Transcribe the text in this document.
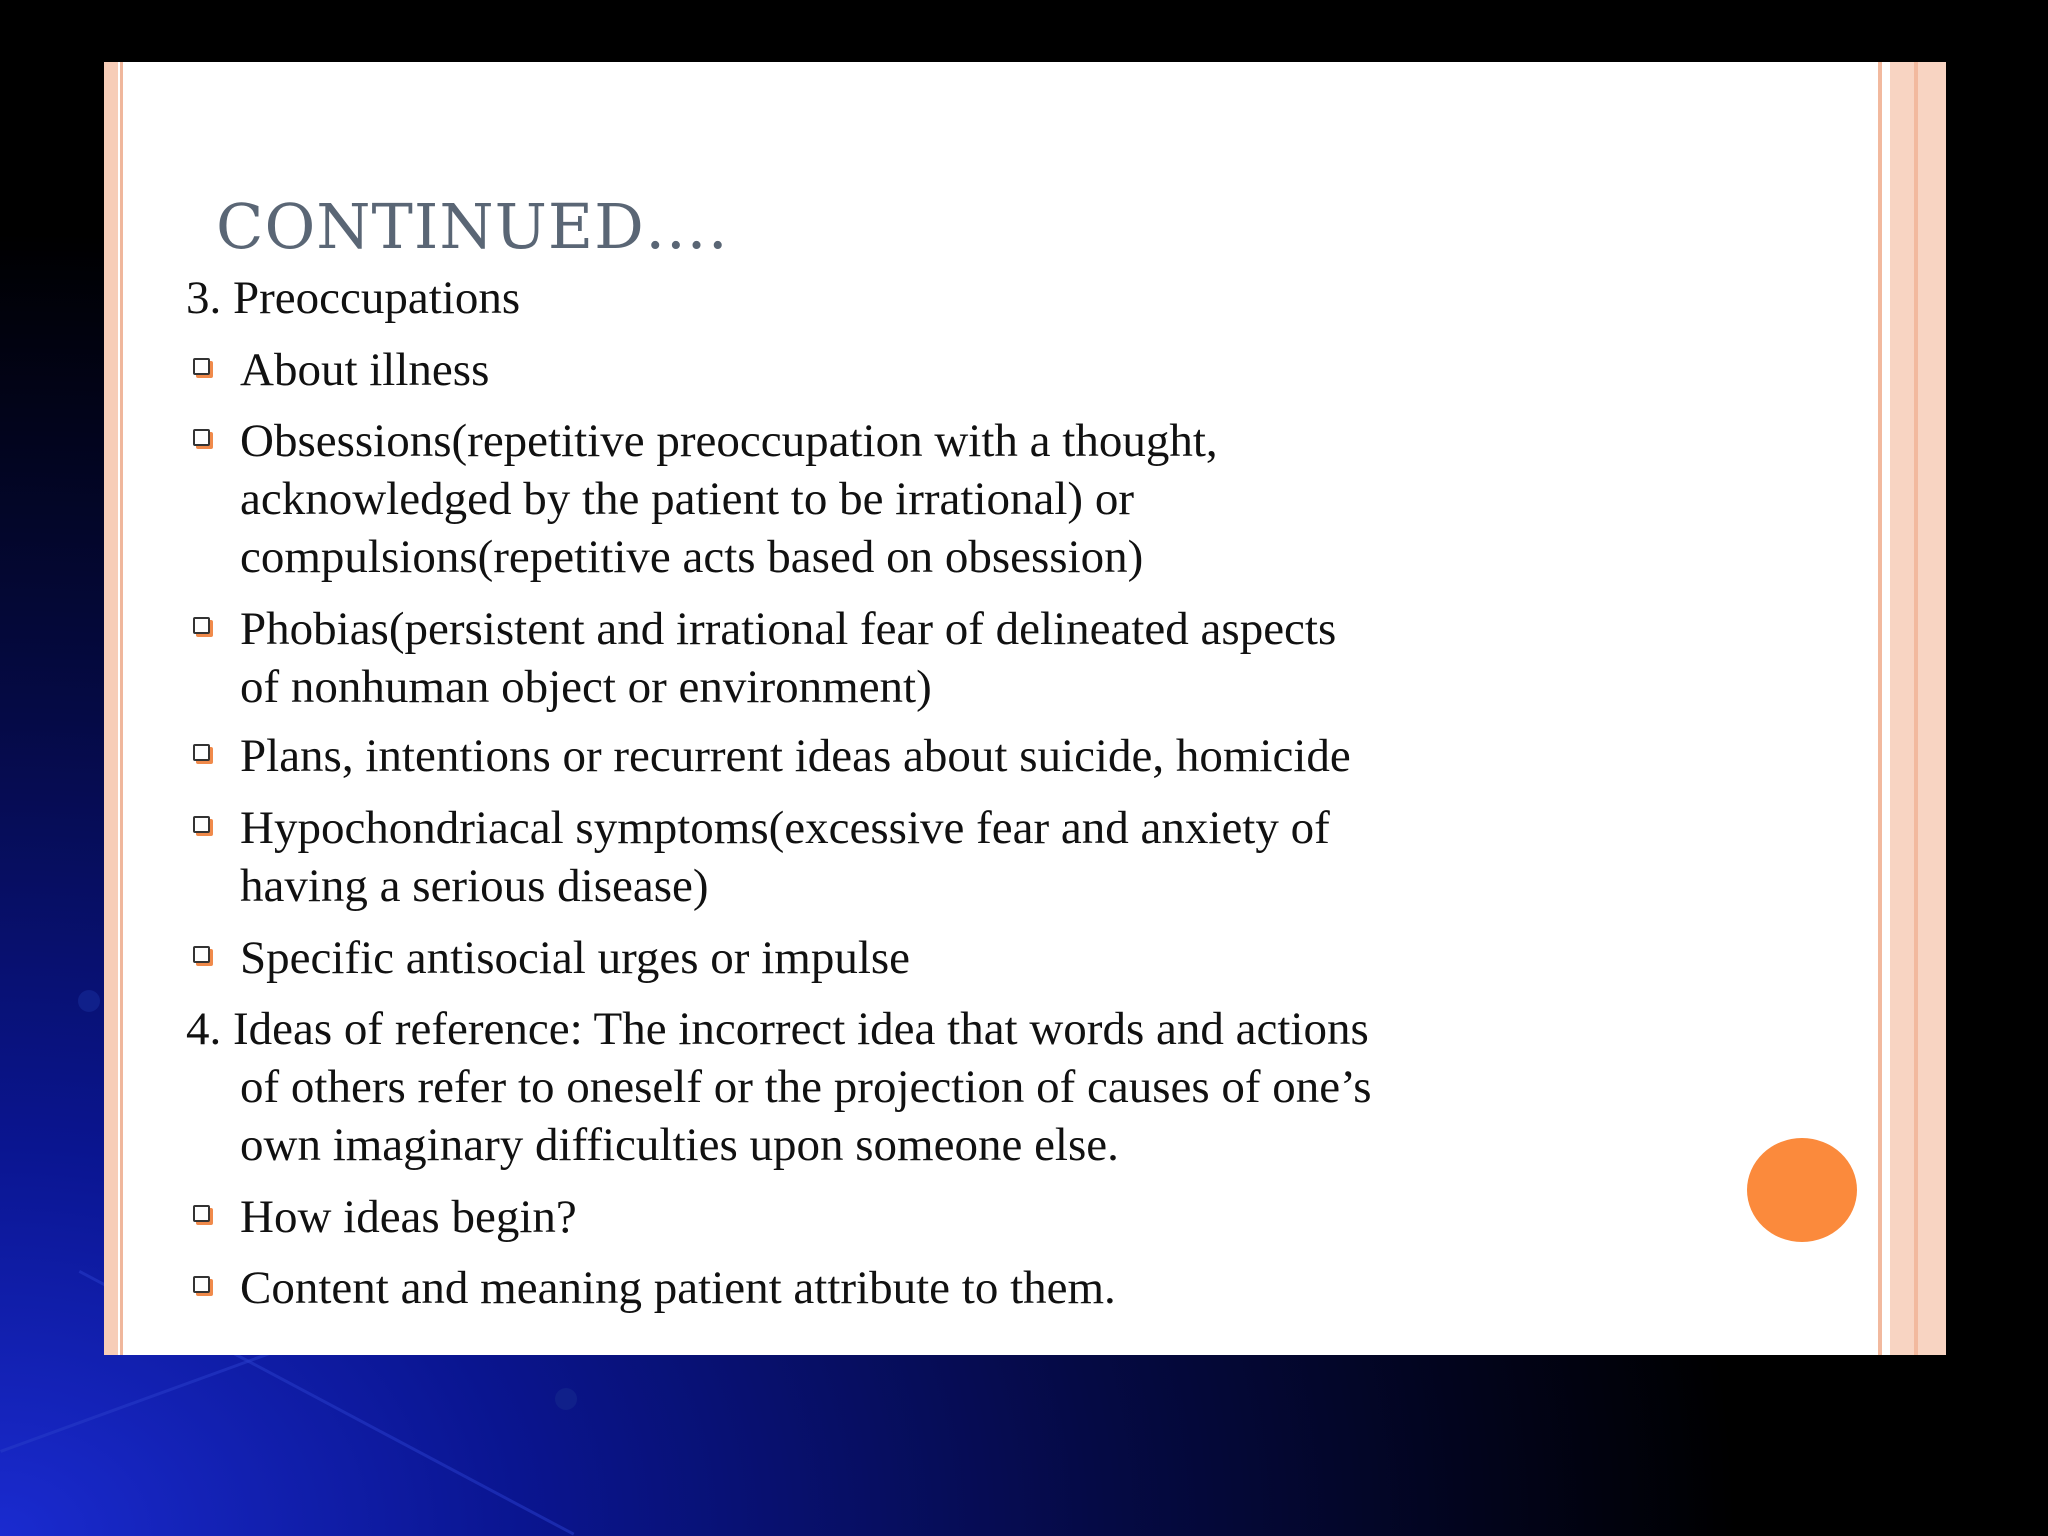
CONTINUED….
3. Preoccupations
About illness
Obsessions(repetitive preoccupation with a thought,
acknowledged by the patient to be irrational) or
compulsions(repetitive acts based on obsession)
Phobias(persistent and irrational fear of delineated aspects
of nonhuman object or environment)
Plans, intentions or recurrent ideas about suicide, homicide
Hypochondriacal symptoms(excessive fear and anxiety of
having a serious disease)
Specific antisocial urges or impulse
4. Ideas of reference: The incorrect idea that words and actions
of others refer to oneself or the projection of causes of one’s
own imaginary difficulties upon someone else.
How ideas begin?
Content and meaning patient attribute to them.
